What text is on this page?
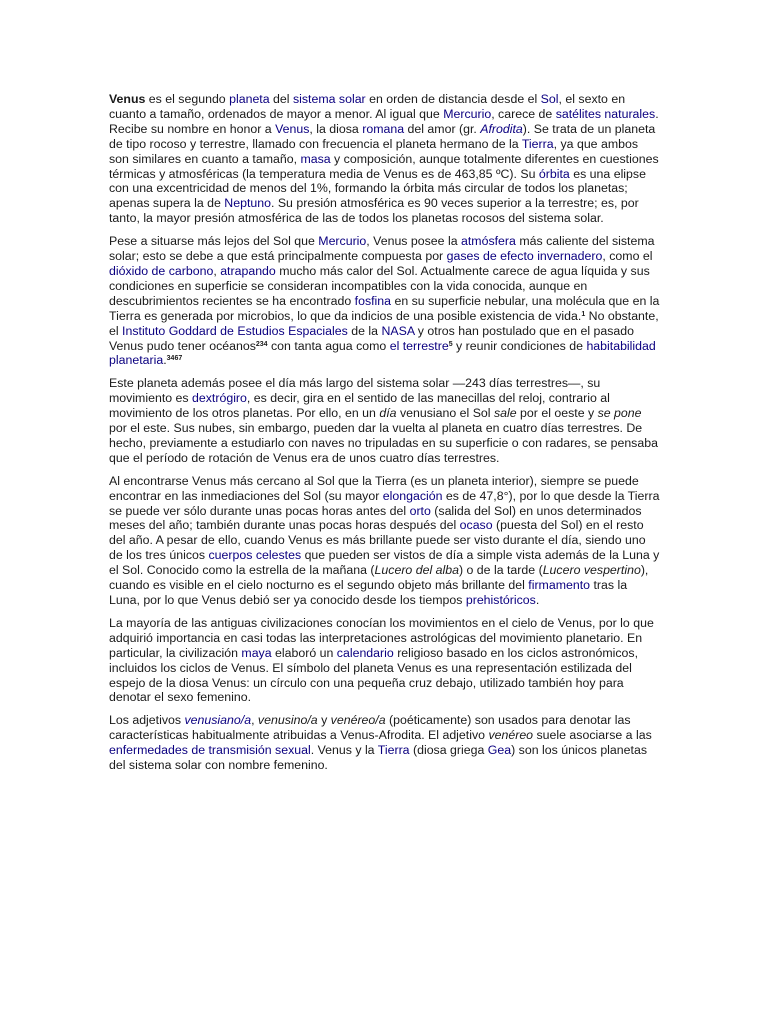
Venus es el segundo planeta del sistema solar en orden de distancia desde el Sol, el sexto en cuanto a tamaño, ordenados de mayor a menor. Al igual que Mercurio, carece de satélites naturales. Recibe su nombre en honor a Venus, la diosa romana del amor (gr. Afrodita). Se trata de un planeta de tipo rocoso y terrestre, llamado con frecuencia el planeta hermano de la Tierra, ya que ambos son similares en cuanto a tamaño, masa y composición, aunque totalmente diferentes en cuestiones térmicas y atmosféricas (la temperatura media de Venus es de 463,85 ºC). Su órbita es una elipse con una excentricidad de menos del 1%, formando la órbita más circular de todos los planetas; apenas supera la de Neptuno. Su presión atmosférica es 90 veces superior a la terrestre; es, por tanto, la mayor presión atmosférica de las de todos los planetas rocosos del sistema solar.

Pese a situarse más lejos del Sol que Mercurio, Venus posee la atmósfera más caliente del sistema solar; esto se debe a que está principalmente compuesta por gases de efecto invernadero, como el dióxido de carbono, atrapando mucho más calor del Sol. Actualmente carece de agua líquida y sus condiciones en superficie se consideran incompatibles con la vida conocida, aunque en descubrimientos recientes se ha encontrado fosfina en su superficie nebular, una molécula que en la Tierra es generada por microbios, lo que da indicios de una posible existencia de vida.$^1$ No obstante, el Instituto Goddard de Estudios Espaciales de la NASA y otros han postulado que en el pasado Venus pudo tener océanos$^{234}$ con tanta agua como el terrestre$^5$ y reunir condiciones de habitabilidad planetaria.$^{3467}$

Este planeta además posee el día más largo del sistema solar —243 días terrestres—, su movimiento es dextrógiro, es decir, gira en el sentido de las manecillas del reloj, contrario al movimiento de los otros planetas. Por ello, en un día venusiano el Sol sale por el oeste y se pone por el este. Sus nubes, sin embargo, pueden dar la vuelta al planeta en cuatro días terrestres. De hecho, previamente a estudiarlo con naves no tripuladas en su superficie o con radares, se pensaba que el período de rotación de Venus era de unos cuatro días terrestres.

Al encontrarse Venus más cercano al Sol que la Tierra (es un planeta interior), siempre se puede encontrar en las inmediaciones del Sol (su mayor elongación es de 47,8°), por lo que desde la Tierra se puede ver sólo durante unas pocas horas antes del orto (salida del Sol) en unos determinados meses del año; también durante unas pocas horas después del ocaso (puesta del Sol) en el resto del año. A pesar de ello, cuando Venus es más brillante puede ser visto durante el día, siendo uno de los tres únicos cuerpos celestes que pueden ser vistos de día a simple vista además de la Luna y el Sol. Conocido como la estrella de la mañana (Lucero del alba) o de la tarde (Lucero vespertino), cuando es visible en el cielo nocturno es el segundo objeto más brillante del firmamento tras la Luna, por lo que Venus debió ser ya conocido desde los tiempos prehistóricos.

La mayoría de las antiguas civilizaciones conocían los movimientos en el cielo de Venus, por lo que adquirió importancia en casi todas las interpretaciones astrológicas del movimiento planetario. En particular, la civilización maya elaboró un calendario religioso basado en los ciclos astronómicos, incluidos los ciclos de Venus. El símbolo del planeta Venus es una representación estilizada del espejo de la diosa Venus: un círculo con una pequeña cruz debajo, utilizado también hoy para denotar el sexo femenino.

Los adjetivos venusiano/a, venusino/a y venéreo/a (poéticamente) son usados para denotar las características habitualmente atribuidas a Venus-Afrodita. El adjetivo venéreo suele asociarse a las enfermedades de transmisión sexual. Venus y la Tierra (diosa griega Gea) son los únicos planetas del sistema solar con nombre femenino.
